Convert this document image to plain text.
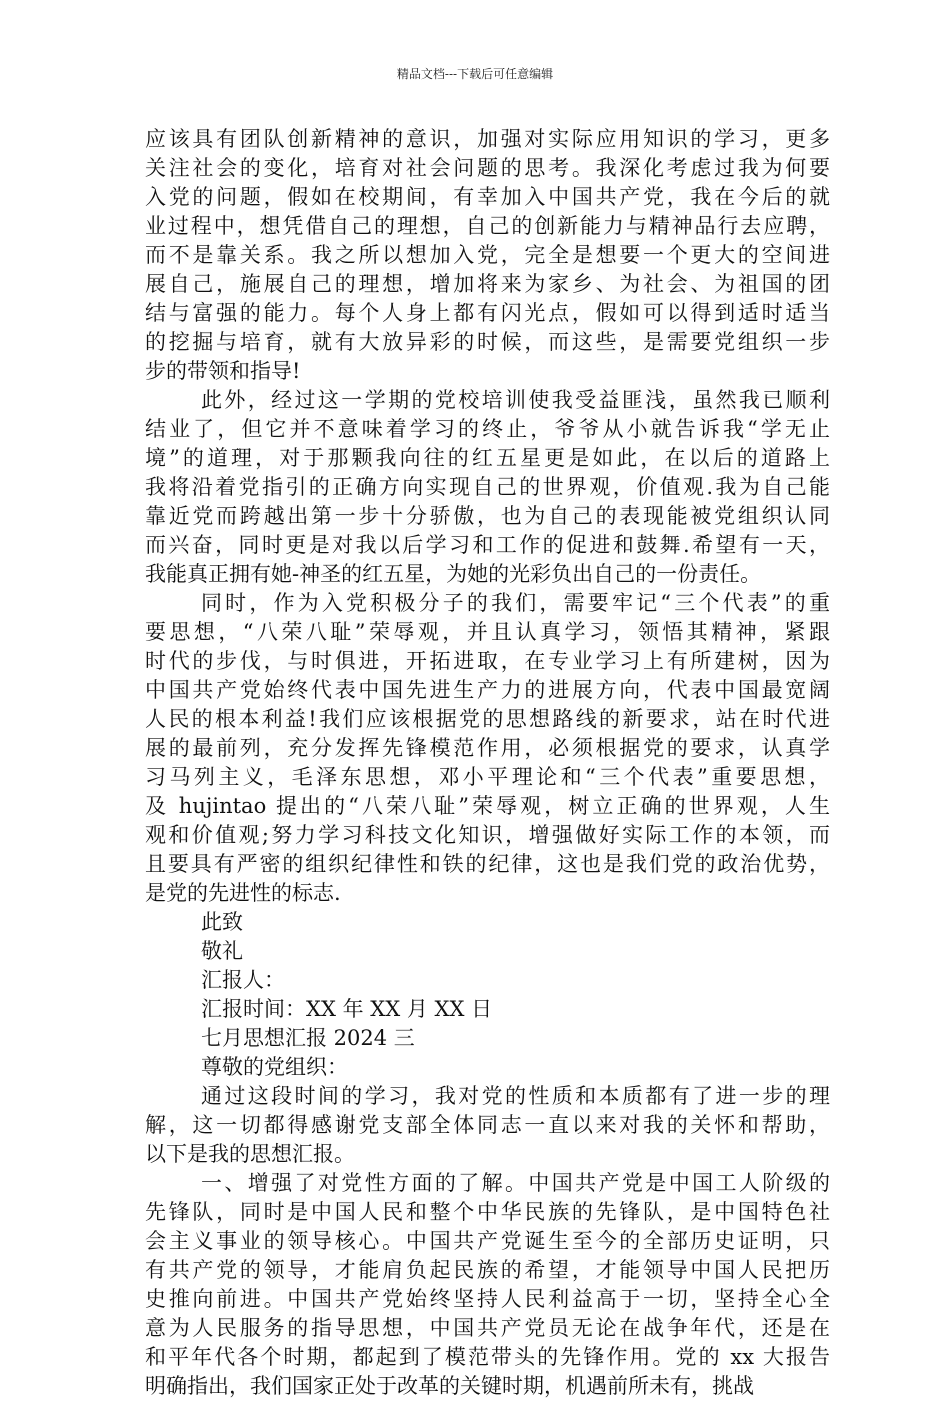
精品文档---下载后可任意编辑
应该具有团队创新精神的意识，加强对实际应用知识的学习，更多
关注社会的变化，培育对社会问题的思考。我深化考虑过我为何要
入党的问题，假如在校期间，有幸加入中国共产党，我在今后的就
业过程中，想凭借自己的理想，自己的创新能力与精神品行去应聘，
而不是靠关系。我之所以想加入党，完全是想要一个更大的空间进
展自己，施展自己的理想，增加将来为家乡、为社会、为祖国的团
结与富强的能力。每个人身上都有闪光点，假如可以得到适时适当
的挖掘与培育，就有大放异彩的时候，而这些，是需要党组织一步
步的带领和指导!
此外，经过这一学期的党校培训使我受益匪浅，虽然我已顺利
结业了，但它并不意味着学习的终止，爷爷从小就告诉我“学无止
境”的道理，对于那颗我向往的红五星更是如此，在以后的道路上
我将沿着党指引的正确方向实现自己的世界观，价值观.我为自己能
靠近党而跨越出第一步十分骄傲，也为自己的表现能被党组织认同
而兴奋，同时更是对我以后学习和工作的促进和鼓舞.希望有一天，
我能真正拥有她-神圣的红五星，为她的光彩负出自己的一份责任。
同时，作为入党积极分子的我们，需要牢记“三个代表”的重
要思想，“八荣八耻”荣辱观，并且认真学习，领悟其精神，紧跟
时代的步伐，与时俱进，开拓进取，在专业学习上有所建树，因为
中国共产党始终代表中国先进生产力的进展方向，代表中国最宽阔
人民的根本利益!我们应该根据党的思想路线的新要求，站在时代进
展的最前列，充分发挥先锋模范作用，必须根据党的要求，认真学
习马列主义，毛泽东思想，邓小平理论和“三个代表”重要思想，
及 hujintao 提出的“八荣八耻”荣辱观，树立正确的世界观，人生
观和价值观;努力学习科技文化知识，增强做好实际工作的本领，而
且要具有严密的组织纪律性和铁的纪律，这也是我们党的政治优势，
是党的先进性的标志.
此致
敬礼
汇报人：
汇报时间：XX 年 XX 月 XX 日
七月思想汇报 2024 三
尊敬的党组织：
通过这段时间的学习，我对党的性质和本质都有了进一步的理
解，这一切都得感谢党支部全体同志一直以来对我的关怀和帮助，
以下是我的思想汇报。
一、增强了对党性方面的了解。中国共产党是中国工人阶级的
先锋队，同时是中国人民和整个中华民族的先锋队，是中国特色社
会主义事业的领导核心。中国共产党诞生至今的全部历史证明，只
有共产党的领导，才能肩负起民族的希望，才能领导中国人民把历
史推向前进。中国共产党始终坚持人民利益高于一切，坚持全心全
意为人民服务的指导思想，中国共产党员无论在战争年代，还是在
和平年代各个时期，都起到了模范带头的先锋作用。党的 xx 大报告
明确指出，我们国家正处于改革的关键时期，机遇前所未有，挑战
